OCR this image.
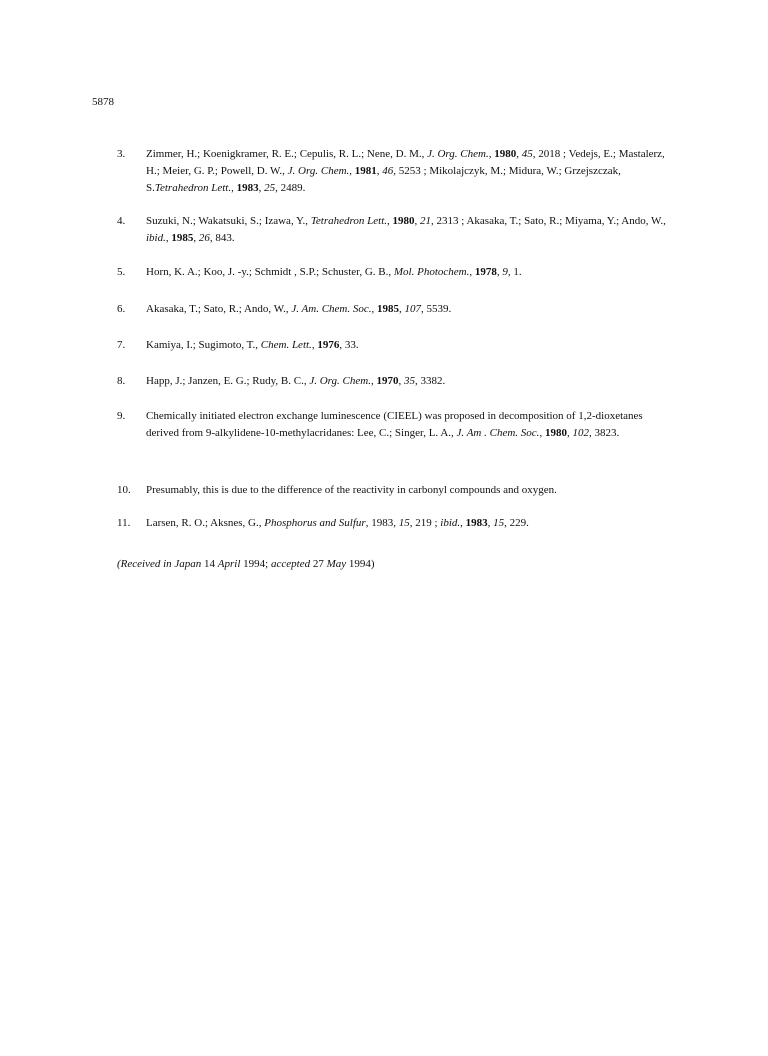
5878
3.	Zimmer, H.; Koenigkramer, R. E.; Cepulis, R. L.; Nene, D. M., J. Org. Chem., 1980, 45, 2018 ; Vedejs, E.; Mastalerz, H.; Meier, G. P.; Powell, D. W., J. Org. Chem., 1981, 46, 5253 ; Mikolajczyk, M.; Midura, W.; Grzejszczak, S.Tetrahedron Lett., 1983, 25, 2489.
4.	Suzuki, N.; Wakatsuki, S.; Izawa, Y., Tetrahedron Lett., 1980, 21, 2313 ; Akasaka, T.; Sato, R.; Miyama, Y.; Ando, W., ibid., 1985, 26, 843.
5.	Horn, K. A.; Koo, J. -y.; Schmidt , S.P.; Schuster, G. B., Mol. Photochem., 1978, 9, 1.
6.	Akasaka, T.; Sato, R.; Ando, W., J. Am. Chem. Soc., 1985, 107, 5539.
7.	Kamiya, I.; Sugimoto, T., Chem. Lett., 1976, 33.
8.	Happ, J.; Janzen, E. G.; Rudy, B. C., J. Org. Chem., 1970, 35, 3382.
9.	Chemically initiated electron exchange luminescence (CIEEL) was proposed in decomposition of 1,2-dioxetanes derived from 9-alkylidene-10-methylacridanes: Lee, C.; Singer, L. A., J. Am . Chem. Soc., 1980, 102, 3823.
10.	Presumably, this is due to the difference of the reactivity in carbonyl compounds and oxygen.
11.	Larsen, R. O.; Aksnes, G., Phosphorus and Sulfur, 1983, 15, 219 ; ibid., 1983, 15, 229.
(Received in Japan 14 April 1994; accepted 27 May 1994)
